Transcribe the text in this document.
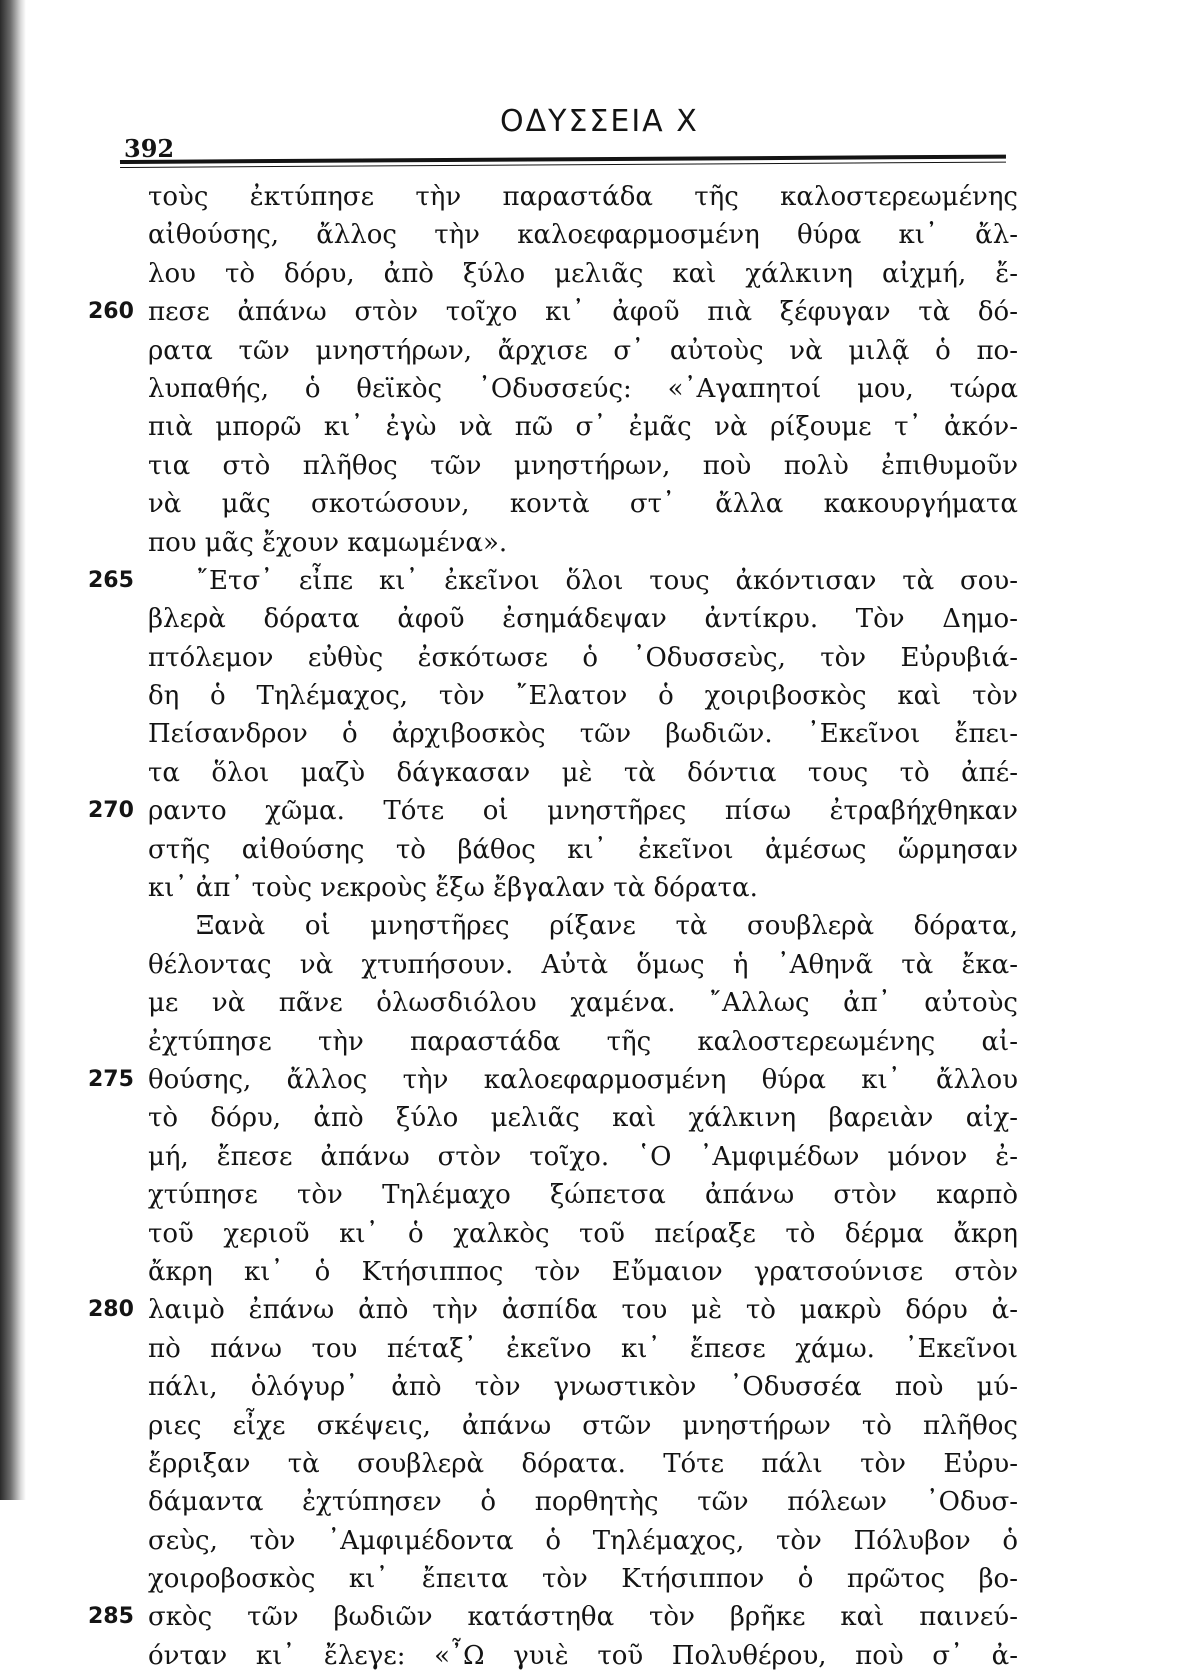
392
ΟΔΥΣΣΕΙΑ Χ
τοὺς ἐκτύπησε τὴν παραστάδα τῆς καλοστερεωμένης
αἰθούσης, ἄλλος τὴν καλοεφαρμοσμένη θύρα κι᾽ ἄλ-
λου τὸ δόρυ, ἀπὸ ξύλο μελιᾶς καὶ χάλκινη αἰχμή, ἔ-
260 πεσε ἀπάνω στὸν τοῖχο κι᾽ ἀφοῦ πιὰ ξέφυγαν τὰ δό-
ρατα τῶν μνηστήρων, ἄρχισε σ᾽ αὐτοὺς νὰ μιλᾷ ὁ πο-
λυπαθής, ὁ θεϊκὸς ᾽Οδυσσεύς: «᾽Αγαπητοί μου, τώρα
πιὰ μπορῶ κι᾽ ἐγὼ νὰ πῶ σ᾽ ἐμᾶς νὰ ρίξουμε τ᾽ ἀκόν-
τια στὸ πλῆθος τῶν μνηστήρων, ποὺ πολὺ ἐπιθυμοῦν
νὰ μᾶς σκοτώσουν, κοντὰ στ᾽ ἄλλα κακουργήματα
που μᾶς ἔχουν καμωμένα».
265	῎Ετσ᾽ εἶπε κι᾽ ἐκεῖνοι ὅλοι τους ἀκόντισαν τὰ σου-
βλερὰ δόρατα ἀφοῦ ἐσημάδεψαν ἀντίκρυ. Τὸν Δημο-
πτόλεμον εὐθὺς ἐσκότωσε ὁ ᾽Οδυσσεὺς, τὸν Εὐρυβιά-
δη ὁ Τηλέμαχος, τὸν ῎Ελατον ὁ χοιριβοσκὸς καὶ τὸν
Πείσανδρον ὁ ἀρχιβοσκὸς τῶν βωδιῶν. ᾽Εκεῖνοι ἔπει-
τα ὅλοι μαζὺ δάγκασαν μὲ τὰ δόντια τους τὸ ἀπέ-
270 ραντο χῶμα. Τότε οἱ μνηστῆρες πίσω ἐτραβήχθηκαν
στῆς αἰθούσης τὸ βάθος κι᾽ ἐκεῖνοι ἀμέσως ὥρμησαν
κι᾽ ἀπ᾽ τοὺς νεκροὺς ἔξω ἔβγαλαν τὰ δόρατα.
Ξανὰ οἱ μνηστῆρες ρίξανε τὰ σουβλερὰ δόρατα,
θέλοντας νὰ χτυπήσουν. Αὐτὰ ὅμως ἡ ᾽Αθηνᾶ τὰ ἔκα-
με νὰ πᾶνε ὁλωσδιόλου χαμένα. ῎Αλλως ἀπ᾽ αὐτοὺς
ἐχτύπησε τὴν παραστάδα τῆς καλοστερεωμένης αἰ-
275 θούσης, ἄλλος τὴν καλοεφαρμοσμένη θύρα κι᾽ ἄλλου
τὸ δόρυ, ἀπὸ ξύλο μελιᾶς καὶ χάλκινη βαρειὰν αἰχ-
μή, ἔπεσε ἀπάνω στὸν τοῖχο. ῾Ο ᾽Αμφιμέδων μόνον ἐ-
χτύπησε τὸν Τηλέμαχο ξώπετσα ἀπάνω στὸν καρπὸ
τοῦ χεριοῦ κι᾽ ὁ χαλκὸς τοῦ πείραξε τὸ δέρμα ἄκρη
ἄκρη κι᾽ ὁ Κτήσιππος τὸν Εὔμαιον γρατσούνισε στὸν
280 λαιμὸ ἐπάνω ἀπὸ τὴν ἀσπίδα του μὲ τὸ μακρὺ δόρυ ἀ-
πὸ πάνω του πέταξ᾽ ἐκεῖνο κι᾽ ἔπεσε χάμω. ᾽Εκεῖνοι
πάλι, ὁλόγυρ᾽ ἀπὸ τὸν γνωστικὸν ᾽Οδυσσέα ποὺ μύ-
ριες εἶχε σκέψεις, ἀπάνω στῶν μνηστήρων τὸ πλῆθος
ἔρριξαν τὰ σουβλερὰ δόρατα. Τότε πάλι τὸν Εὐρυ-
δάμαντα ἐχτύπησεν ὁ πορθητὴς τῶν πόλεων ᾽Οδυσ-
σεὺς, τὸν ᾽Αμφιμέδοντα ὁ Τηλέμαχος, τὸν Πόλυβον ὁ
χοιροβοσκὸς κι᾽ ἔπειτα τὸν Κτήσιππον ὁ πρῶτος βο-
285 σκὸς τῶν βωδιῶν κατάστηθα τὸν βρῆκε καὶ παινεύ-
όνταν κι᾽ ἔλεγε: «῏Ω γυιὲ τοῦ Πολυθέρου, ποὺ σ᾽ ἀ-
